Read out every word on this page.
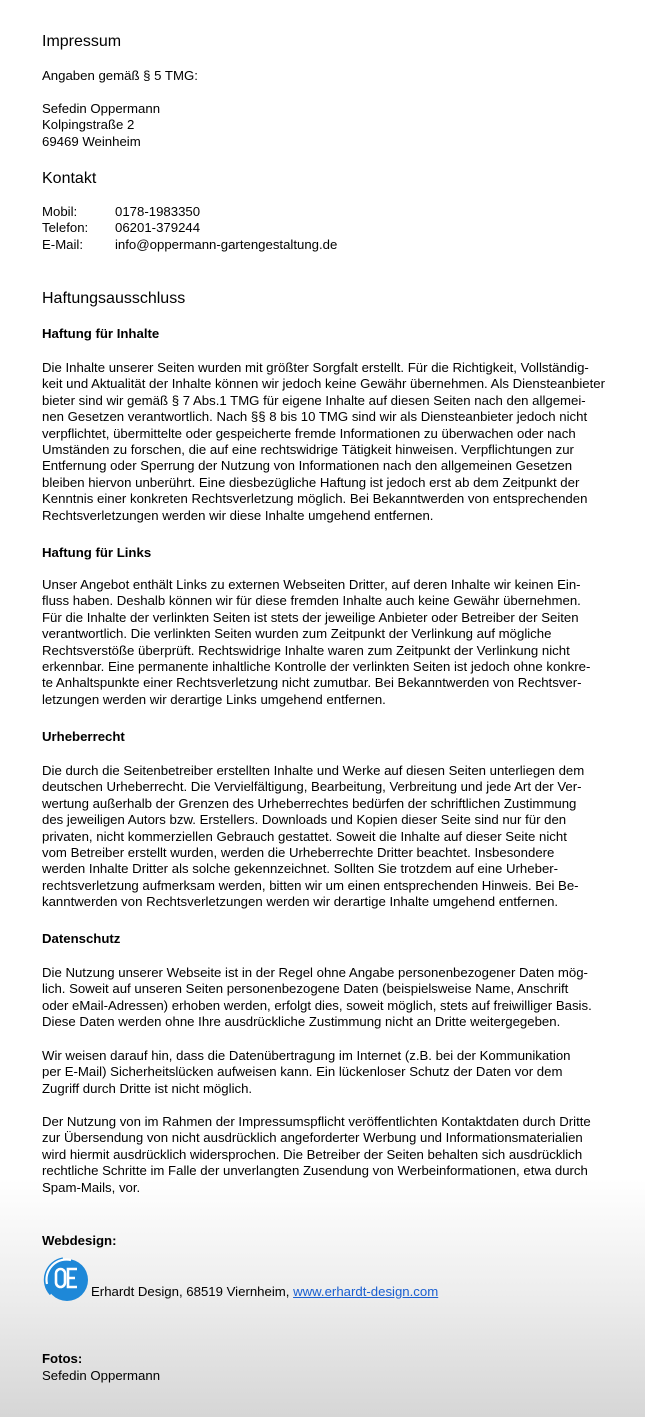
Impressum

Angaben gemäß § 5 TMG:

Sefedin Oppermann
Kolpingstraße 2
69469 Weinheim
Kontakt
Mobil:	0178-1983350
Telefon:	06201-379244
E-Mail:	info@oppermann-gartengestaltung.de
Haftungsausschluss
Haftung für Inhalte

Die Inhalte unserer Seiten wurden mit größter Sorgfalt erstellt. Für die Richtigkeit, Vollständig-

keit und Aktualität der Inhalte können wir jedoch keine Gewähr übernehmen. Als Diensteanbieter

bieter sind wir gemäß § 7 Abs.1 TMG für eigene Inhalte auf diesen Seiten nach den allgemei-

nen Gesetzen verantwortlich. Nach §§ 8 bis 10 TMG sind wir als Diensteanbieter jedoch nicht

verpflichtet, übermittelte oder gespeicherte fremde Informationen zu überwachen oder nach

Umständen zu forschen, die auf eine rechtswidrige Tätigkeit hinweisen. Verpflichtungen zur

Entfernung oder Sperrung der Nutzung von Informationen nach den allgemeinen Gesetzen

bleiben hiervon unberührt. Eine diesbezügliche Haftung ist jedoch erst ab dem Zeitpunkt der

Kenntnis einer konkreten Rechtsverletzung möglich. Bei Bekanntwerden von entsprechenden

Rechtsverletzungen werden wir diese Inhalte umgehend entfernen.

Haftung für Links

Unser Angebot enthält Links zu externen Webseiten Dritter, auf deren Inhalte wir keinen Ein-

fluss haben. Deshalb können wir für diese fremden Inhalte auch keine Gewähr übernehmen.

Für die Inhalte der verlinkten Seiten ist stets der jeweilige Anbieter oder Betreiber der Seiten

verantwortlich. Die verlinkten Seiten wurden zum Zeitpunkt der Verlinkung auf mögliche

Rechtsverstöße überprüft. Rechtswidrige Inhalte waren zum Zeitpunkt der Verlinkung nicht

erkennbar. Eine permanente inhaltliche Kontrolle der verlinkten Seiten ist jedoch ohne konkre-

te Anhaltspunkte einer Rechtsverletzung nicht zumutbar. Bei Bekanntwerden von Rechtsver-

letzungen werden wir derartige Links umgehend entfernen.

Urheberrecht

Die durch die Seitenbetreiber erstellten Inhalte und Werke auf diesen Seiten unterliegen dem

deutschen Urheberrecht. Die Vervielfältigung, Bearbeitung, Verbreitung und jede Art der Ver-

wertung außerhalb der Grenzen des Urheberrechtes bedürfen der schriftlichen Zustimmung

des jeweiligen Autors bzw. Erstellers. Downloads und Kopien dieser Seite sind nur für den

privaten, nicht kommerziellen Gebrauch gestattet. Soweit die Inhalte auf dieser Seite nicht

vom Betreiber erstellt wurden, werden die Urheberrechte Dritter beachtet. Insbesondere

werden Inhalte Dritter als solche gekennzeichnet. Sollten Sie trotzdem auf eine Urheber-

rechtsverletzung aufmerksam werden, bitten wir um einen entsprechenden Hinweis. Bei Be-

kanntwerden von Rechtsverletzungen werden wir derartige Inhalte umgehend entfernen.

Datenschutz

Die Nutzung unserer Webseite ist in der Regel ohne Angabe personenbezogener Daten mög-

lich. Soweit auf unseren Seiten personenbezogene Daten (beispielsweise Name, Anschrift

oder eMail-Adressen) erhoben werden, erfolgt dies, soweit möglich, stets auf freiwilliger Basis.

Diese Daten werden ohne Ihre ausdrückliche Zustimmung nicht an Dritte weitergegeben.

Wir weisen darauf hin, dass die Datenübertragung im Internet (z.B. bei der Kommunikation

per E-Mail) Sicherheitslücken aufweisen kann. Ein lückenloser Schutz der Daten vor dem

Zugriff durch Dritte ist nicht möglich.

Der Nutzung von im Rahmen der Impressumspflicht veröffentlichten Kontaktdaten durch Dritte

zur Übersendung von nicht ausdrücklich angeforderter Werbung und Informationsmaterialien

wird hiermit ausdrücklich widersprochen. Die Betreiber der Seiten behalten sich ausdrücklich

rechtliche Schritte im Falle der unverlangten Zusendung von Werbeinformationen, etwa durch

Spam-Mails, vor.

Webdesign:
Erhardt Design, 68519 Viernheim, www.erhardt-design.com
Fotos:

Sefedin Oppermann
